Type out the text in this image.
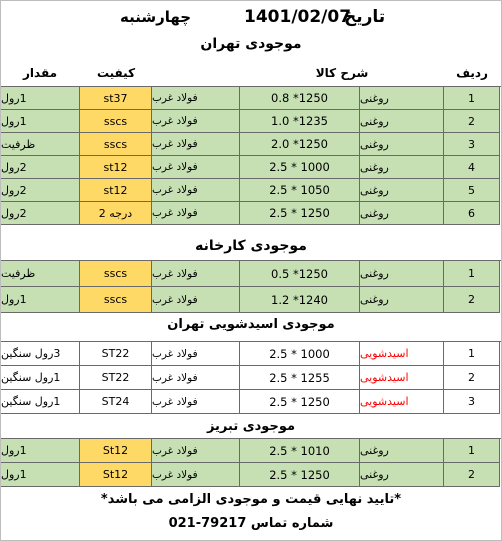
چهارشنبه	1401/02/07
تاریخ
موجودی تهران
ردیف
شرح کالا
کیفیت
مقدار
1
روغنی
0.8 *1250
فولاد غرب
st37
1رول
2
روغنی
1.0 *1235
فولاد غرب
sscs
1رول
3
روغنی
2.0 *1250
فولاد غرب
sscs
ظرفیت
4
روغنی
2.5 * 1000
فولاد غرب
st12
2رول
5
روغنی
2.5 * 1050
فولاد غرب
st12
2رول
6
روغنی
2.5 * 1250
فولاد غرب
درجه 2
2رول
موجودی کارخانه
1
روغنی
0.5 *1250
فولاد غرب
sscs
ظرفیت
2
روغنی
1.2 *1240
فولاد غرب
sscs
1رول
موجودی اسیدشویی تهران
1
اسیدشویی
2.5 * 1000
فولاد غرب
ST22
3رول سنگین
2
اسیدشویی
2.5 * 1255
فولاد غرب
ST22
1رول سنگین
3
اسیدشویی
2.5 * 1250
فولاد غرب
ST24
1رول سنگین
موجودی تبریز
1
روغنی
2.5 * 1010
فولاد غرب
St12
1رول
2
روغنی
2.5 * 1250
فولاد غرب
St12
1رول
*تایید نهایی قیمت و موجودی الزامی می باشد*
شماره تماس 79217-021
